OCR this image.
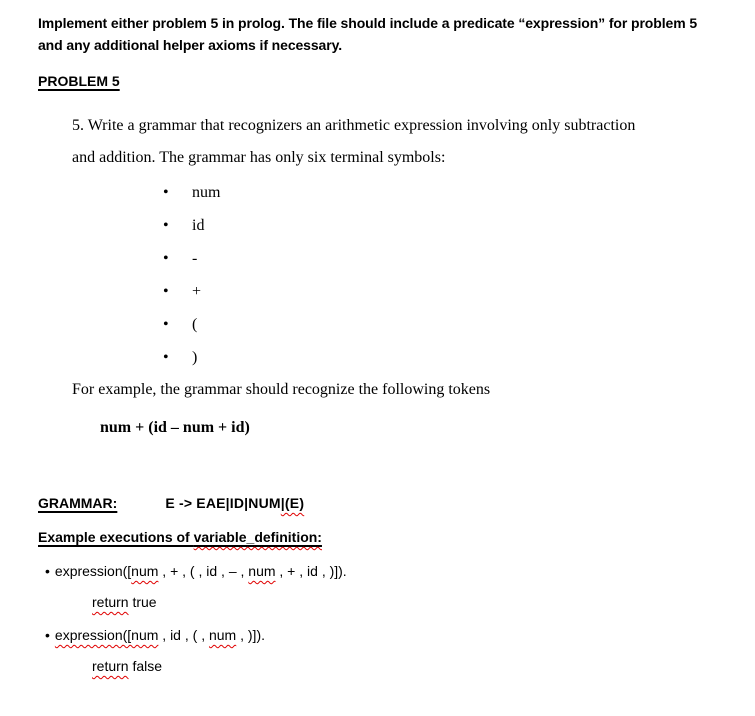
Implement either problem 5 in prolog. The file should include a predicate “expression” for problem 5
and any additional helper axioms if necessary.

PROBLEM 5

5. Write a grammar that recognizers an arithmetic expression involving only subtraction
and addition. The grammar has only six terminal symbols:

• num
• id
• -
• +
• (
• )

For example, the grammar should recognize the following tokens

num + (id – num + id)

GRAMMAR:	E -> EAE|ID|NUM|(E)

Example executions of variable_definition:

• expression([num , + , ( , id , – , num , + , id , )]).

return true

• expression([num , id , ( , num , )]).

return false
